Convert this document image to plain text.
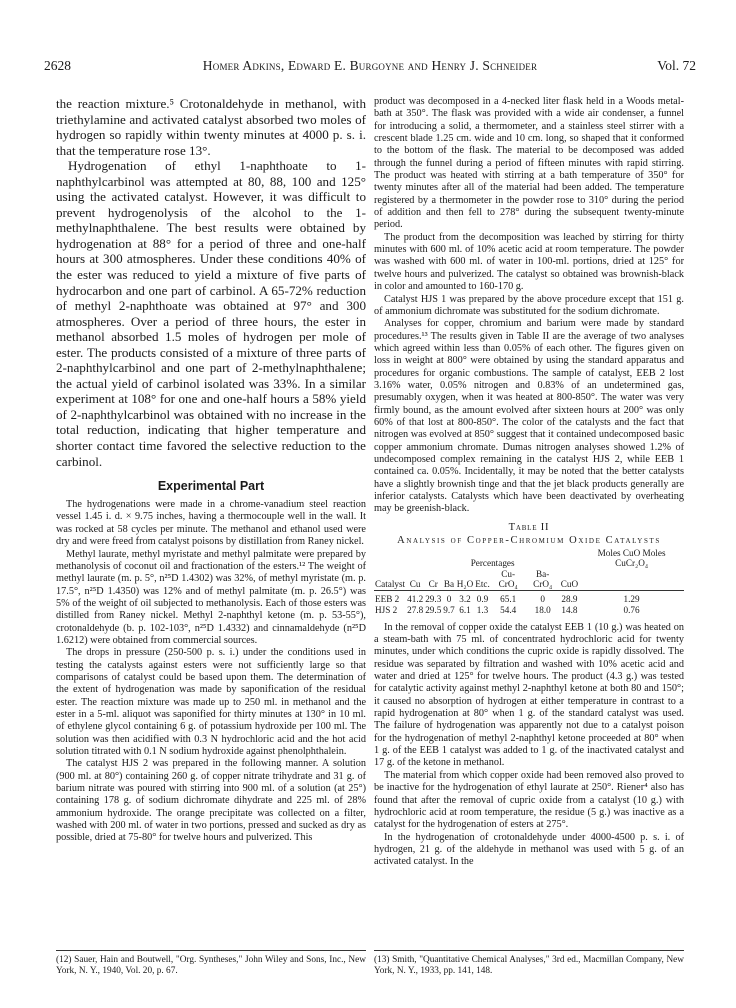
2628	Homer Adkins, Edward E. Burgoyne and Henry J. Schneider	Vol. 72

the reaction mixture.⁵ Crotonaldehyde in methanol, with triethylamine and activated catalyst absorbed two moles of hydrogen so rapidly within twenty minutes at 4000 p. s. i. that the temperature rose 13°.

Hydrogenation of ethyl 1-naphthoate to 1-naphthylcarbinol was attempted at 80, 88, 100 and 125° using the activated catalyst. However, it was difficult to prevent hydrogenolysis of the alcohol to the 1-methylnaphthalene. The best results were obtained by hydrogenation at 88° for a period of three and one-half hours at 300 atmospheres. Under these conditions 40% of the ester was reduced to yield a mixture of five parts of hydrocarbon and one part of carbinol. A 65-72% reduction of methyl 2-naphthoate was obtained at 97° and 300 atmospheres. Over a period of three hours, the ester in methanol absorbed 1.5 moles of hydrogen per mole of ester. The products consisted of a mixture of three parts of 2-naphthylcarbinol and one part of 2-methylnaphthalene; the actual yield of carbinol isolated was 33%. In a similar experiment at 108° for one and one-half hours a 58% yield of 2-naphthylcarbinol was obtained with no increase in the total reduction, indicating that higher temperature and shorter contact time favored the selective reduction to the carbinol.

Experimental Part

The hydrogenations were made in a chrome-vanadium steel reaction vessel 1.45 i. d. × 9.75 inches, having a thermocouple well in the wall. It was rocked at 58 cycles per minute. The methanol and ethanol used were dry and were freed from catalyst poisons by distillation from Raney nickel.

Methyl laurate, methyl myristate and methyl palmitate were prepared by methanolysis of coconut oil and fractionation of the esters.¹² The weight of methyl laurate (m. p. 5°, n²⁵D 1.4302) was 32%, of methyl myristate (m. p. 17.5°, n²⁵D 1.4350) was 12% and of methyl palmitate (m. p. 26.5°) was 5% of the weight of oil subjected to methanolysis. Each of those esters was distilled from Raney nickel. Methyl 2-naphthyl ketone (m. p. 53-55°), crotonaldehyde (b. p. 102-103°, n²⁵D 1.4332) and cinnamaldehyde (n²⁵D 1.6212) were obtained from commercial sources.

The drops in pressure (250-500 p. s. i.) under the conditions used in testing the catalysts against esters were not sufficiently large so that comparisons of catalyst could be based upon them. The determination of the extent of hydrogenation was made by saponification of the residual ester. The reaction mixture was made up to 250 ml. in methanol and the ester in a 5-ml. aliquot was saponified for thirty minutes at 130° in 10 ml. of ethylene glycol containing 6 g. of potassium hydroxide per 100 ml. The solution was then acidified with 0.3 N hydrochloric acid and the hot acid solution titrated with 0.1 N sodium hydroxide against phenolphthalein.

The catalyst HJS 2 was prepared in the following manner. A solution (900 ml. at 80°) containing 260 g. of copper nitrate trihydrate and 31 g. of barium nitrate was poured with stirring into 900 ml. of a solution (at 25°) containing 178 g. of sodium dichromate dihydrate and 225 ml. of 28% ammonium hydroxide. The orange precipitate was collected on a filter, washed with 200 ml. of water in two portions, pressed and sucked as dry as possible, dried at 75-80° for twelve hours and pulverized. This

product was decomposed in a 4-necked liter flask held in a Woods metal-bath at 350°. The flask was provided with a wide air condenser, a funnel for introducing a solid, a thermometer, and a stainless steel stirrer with a crescent blade 1.25 cm. wide and 10 cm. long, so shaped that it conformed to the bottom of the flask. The material to be decomposed was added through the funnel during a period of fifteen minutes with rapid stirring. The product was heated with stirring at a bath temperature of 350° for twenty minutes after all of the material had been added. The temperature registered by a thermometer in the powder rose to 310° during the period of addition and then fell to 278° during the subsequent twenty-minute period.

The product from the decomposition was leached by stirring for thirty minutes with 600 ml. of 10% acetic acid at room temperature. The powder was washed with 600 ml. of water in 100-ml. portions, dried at 125° for twelve hours and pulverized. The catalyst so obtained was brownish-black in color and amounted to 160-170 g.

Catalyst HJS 1 was prepared by the above procedure except that 151 g. of ammonium dichromate was substituted for the sodium dichromate.

Analyses for copper, chromium and barium were made by standard procedures.¹³ The results given in Table II are the average of two analyses which agreed within less than 0.05% of each other. The figures given on loss in weight at 800° were obtained by using the standard apparatus and procedures for organic combustions. The sample of catalyst, EEB 2 lost 3.16% water, 0.05% nitrogen and 0.83% of an undetermined gas, presumably oxygen, when it was heated at 800-850°. The water was very firmly bound, as the amount evolved after sixteen hours at 200° was only 60% of that lost at 800-850°. The color of the catalysts and the fact that nitrogen was evolved at 850° suggest that it contained undecomposed basic copper ammonium chromate. Dumas nitrogen analyses showed 1.2% of undecomposed complex remaining in the catalyst HJS 2, while EEB 1 contained ca. 0.05%. Incidentally, it may be noted that the better catalysts have a slightly brownish tinge and that the jet black products generally are inferior catalysts. Catalysts which have been deactivated by overheating may be greenish-black.

Table II
Analysis of Copper-Chromium Oxide Catalysts
	Percentages								Moles CuO Moles CuCr₂O₄
Catalyst	Cu	Cr	Ba	H₂O	Etc.	Cu-CrO₄	Ba-CrO₄	CuO	

EEB 2	41.2	29.3	0	3.2	0.9	65.1	0	28.9	1.29
HJS 2	27.8	29.5	9.7	6.1	1.3	54.4	18.0	14.8	0.76

In the removal of copper oxide the catalyst EEB 1 (10 g.) was heated on a steam-bath with 75 ml. of concentrated hydrochloric acid for twenty minutes, under which conditions the cupric oxide is rapidly dissolved. The residue was separated by filtration and washed with 10% acetic acid and water and dried at 125° for twelve hours. The product (4.3 g.) was tested for catalytic activity against methyl 2-naphthyl ketone at both 80 and 150°; it caused no absorption of hydrogen at either temperature in contrast to a rapid hydrogenation at 80° when 1 g. of the standard catalyst was used. The failure of hydrogenation was apparently not due to a catalyst poison for the hydrogenation of methyl 2-naphthyl ketone proceeded at 80° when 1 g. of the EEB 1 catalyst was added to 1 g. of the inactivated catalyst and 17 g. of the ketone in methanol.

The material from which copper oxide had been removed also proved to be inactive for the hydrogenation of ethyl laurate at 250°. Riener⁴ also has found that after the removal of cupric oxide from a catalyst (10 g.) with hydrochloric acid at room temperature, the residue (5 g.) was inactive as a catalyst for the hydrogenation of esters at 275°.

In the hydrogenation of crotonaldehyde under 4000-4500 p. s. i. of hydrogen, 21 g. of the aldehyde in methanol was used with 5 g. of an activated catalyst. In the

(12) Sauer, Hain and Boutwell, "Org. Syntheses," John Wiley and Sons, Inc., New York, N. Y., 1940, Vol. 20, p. 67.
(13) Smith, "Quantitative Chemical Analyses," 3rd ed., Macmillan Company, New York, N. Y., 1933, pp. 141, 148.
